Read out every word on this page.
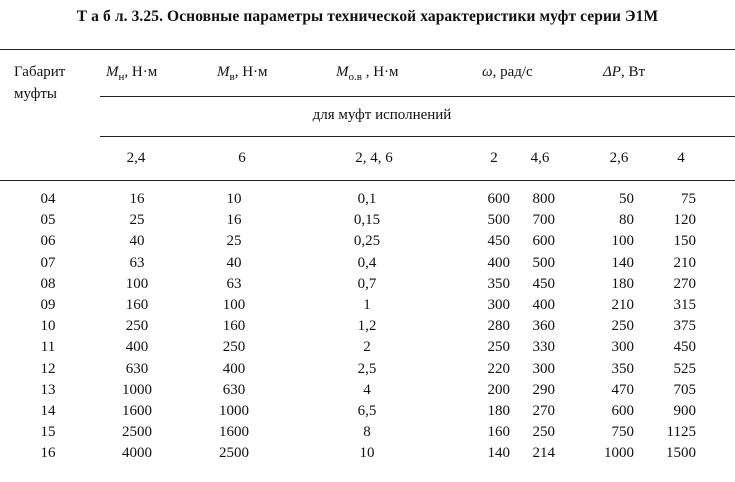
Т а б л. 3.25. Основные параметры технической характеристики муфт серии Э1М
Габарит
муфты
$M_н$, Н·м	$M_в$, Н·м	$M_{о.в}$ , Н·м	ω, рад/с	ΔP, Вт
для муфт исполнений
2,4	6	2, 4, 6	2 4,6	2,6	4
04	16	10	0,1	600 800	50	75
05	25	16	0,15	500 700	80	120
06	40	25	0,25	450 600	100	150
07	63	40	0,4	400 500	140	210
08	100	63	0,7	350 450	180	270
09	160	100	1	300 400	210	315
10	250	160	1,2	280 360	250	375
11	400	250	2	250 330	300	450
12	630	400	2,5	220 300	350	525
13	1000	630	4	200 290	470	705
14	1600	1000	6,5	180 270	600	900
15	2500	1600	8	160 250	750 1125
16	4000	2500	10	140 214	1000 1500
